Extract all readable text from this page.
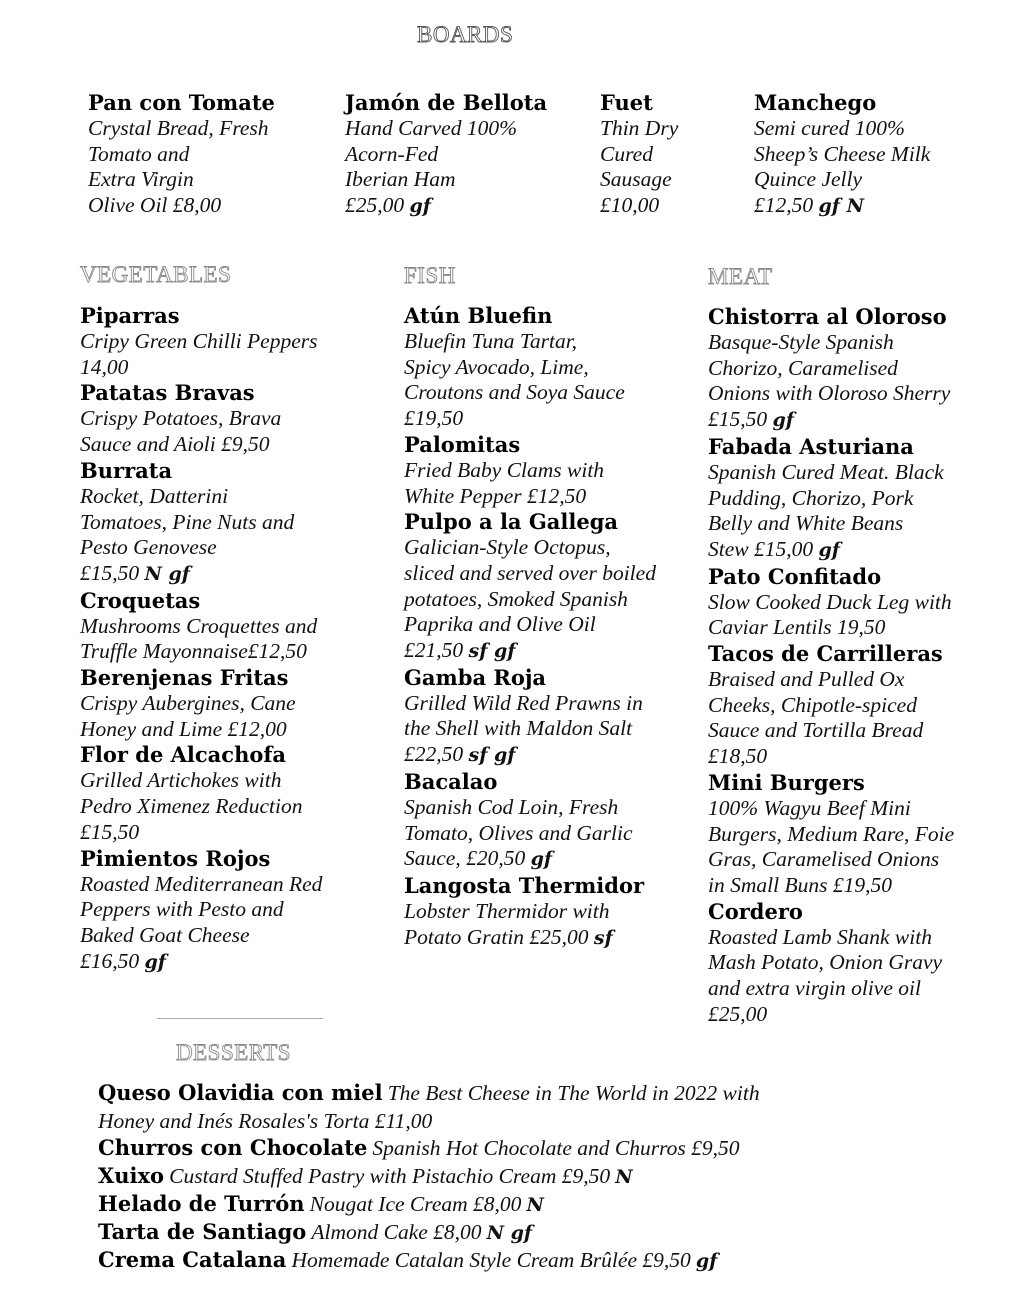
BOARDS
VEGETABLES	FISH	MEAT
DESSERTS
Pan con Tomate
Crystal Bread, Fresh
Tomato and
Extra Virgin
Olive Oil £8,00
Jamón de Bellota
Hand Carved 100%
Acorn-Fed
Iberian Ham
£25,00 gf
Fuet
Thin Dry
Cured
Sausage
£10,00
Manchego
Semi cured 100%
Sheep’s Cheese Milk
Quince Jelly
£12,50 gf N
Piparras
Cripy Green Chilli Peppers
14,00
Patatas Bravas
Crispy Potatoes, Brava
Sauce and Aioli £9,50
Burrata
Rocket, Datterini
Tomatoes, Pine Nuts and
Pesto Genovese
£15,50 N gf
Croquetas
Mushrooms Croquettes and
Truffle Mayonnaise£12,50
Berenjenas Fritas
Crispy Aubergines, Cane
Honey and Lime £12,00
Flor de Alcachofa
Grilled Artichokes with
Pedro Ximenez Reduction
£15,50
Pimientos Rojos
Roasted Mediterranean Red
Peppers with Pesto and
Baked Goat Cheese
£16,50 gf
Atún Bluefin
Bluefin Tuna Tartar,
Spicy Avocado, Lime,
Croutons and Soya Sauce
£19,50
Palomitas
Fried Baby Clams with
White Pepper £12,50
Pulpo a la Gallega
Galician-Style Octopus,
sliced and served over boiled
potatoes, Smoked Spanish
Paprika and Olive Oil
£21,50 sf gf
Gamba Roja
Grilled Wild Red Prawns in
the Shell with Maldon Salt
£22,50 sf gf
Bacalao
Spanish Cod Loin, Fresh
Tomato, Olives and Garlic
Sauce, £20,50 gf
Langosta Thermidor
Lobster Thermidor with
Potato Gratin £25,00 sf
Chistorra al Oloroso
Basque-Style Spanish
Chorizo, Caramelised
Onions with Oloroso Sherry
£15,50 gf
Fabada Asturiana
Spanish Cured Meat. Black
Pudding, Chorizo, Pork
Belly and White Beans
Stew £15,00 gf
Pato Confitado
Slow Cooked Duck Leg with
Caviar Lentils 19,50
Tacos de Carrilleras
Braised and Pulled Ox
Cheeks, Chipotle-spiced
Sauce and Tortilla Bread
£18,50
Mini Burgers
100% Wagyu Beef Mini
Burgers, Medium Rare, Foie
Gras, Caramelised Onions
in Small Buns £19,50
Cordero
Roasted Lamb Shank with
Mash Potato, Onion Gravy
and extra virgin olive oil
£25,00
Queso Olavidia con miel The Best Cheese in The World in 2022 with
Honey and Inés Rosales's Torta £11,00
Churros con Chocolate Spanish Hot Chocolate and Churros £9,50
Xuixo Custard Stuffed Pastry with Pistachio Cream £9,50 N
Helado de Turrón Nougat Ice Cream £8,00 N
Tarta de Santiago Almond Cake £8,00 N gf
Crema Catalana Homemade Catalan Style Cream Brûlée £9,50 gf
